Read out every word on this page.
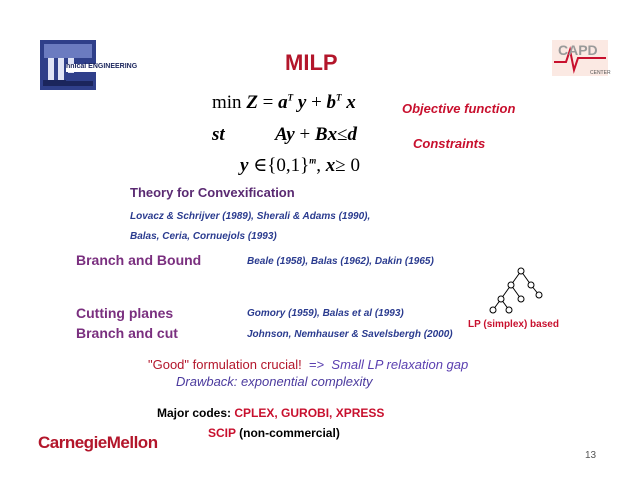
hnical ENGINEERING
CAPD
CENTER
MILP
$\min Z = a^T$ $y + b^T$ x
st	Ay + Bx≤d
y $\in\{0,1\}^m$, x≥ 0
Objective function
Constraints
Theory for Convexification
Lovacz & Schrijver (1989), Sherali & Adams (1990),
Balas, Ceria, Cornuejols (1993)
Branch and Bound	Beale (1958), Balas (1962), Dakin (1965)
Cutting planes	Gomory (1959), Balas et al (1993)
Branch and cut	Johnson, Nemhauser & Savelsbergh (2000)
LP (simplex) based
"Good" formulation crucial! => Small LP relaxation gap
Drawback: exponential complexity
Major codes: CPLEX, GUROBI, XPRESS
SCIP (non-commercial)
CarnegieMellon
13
